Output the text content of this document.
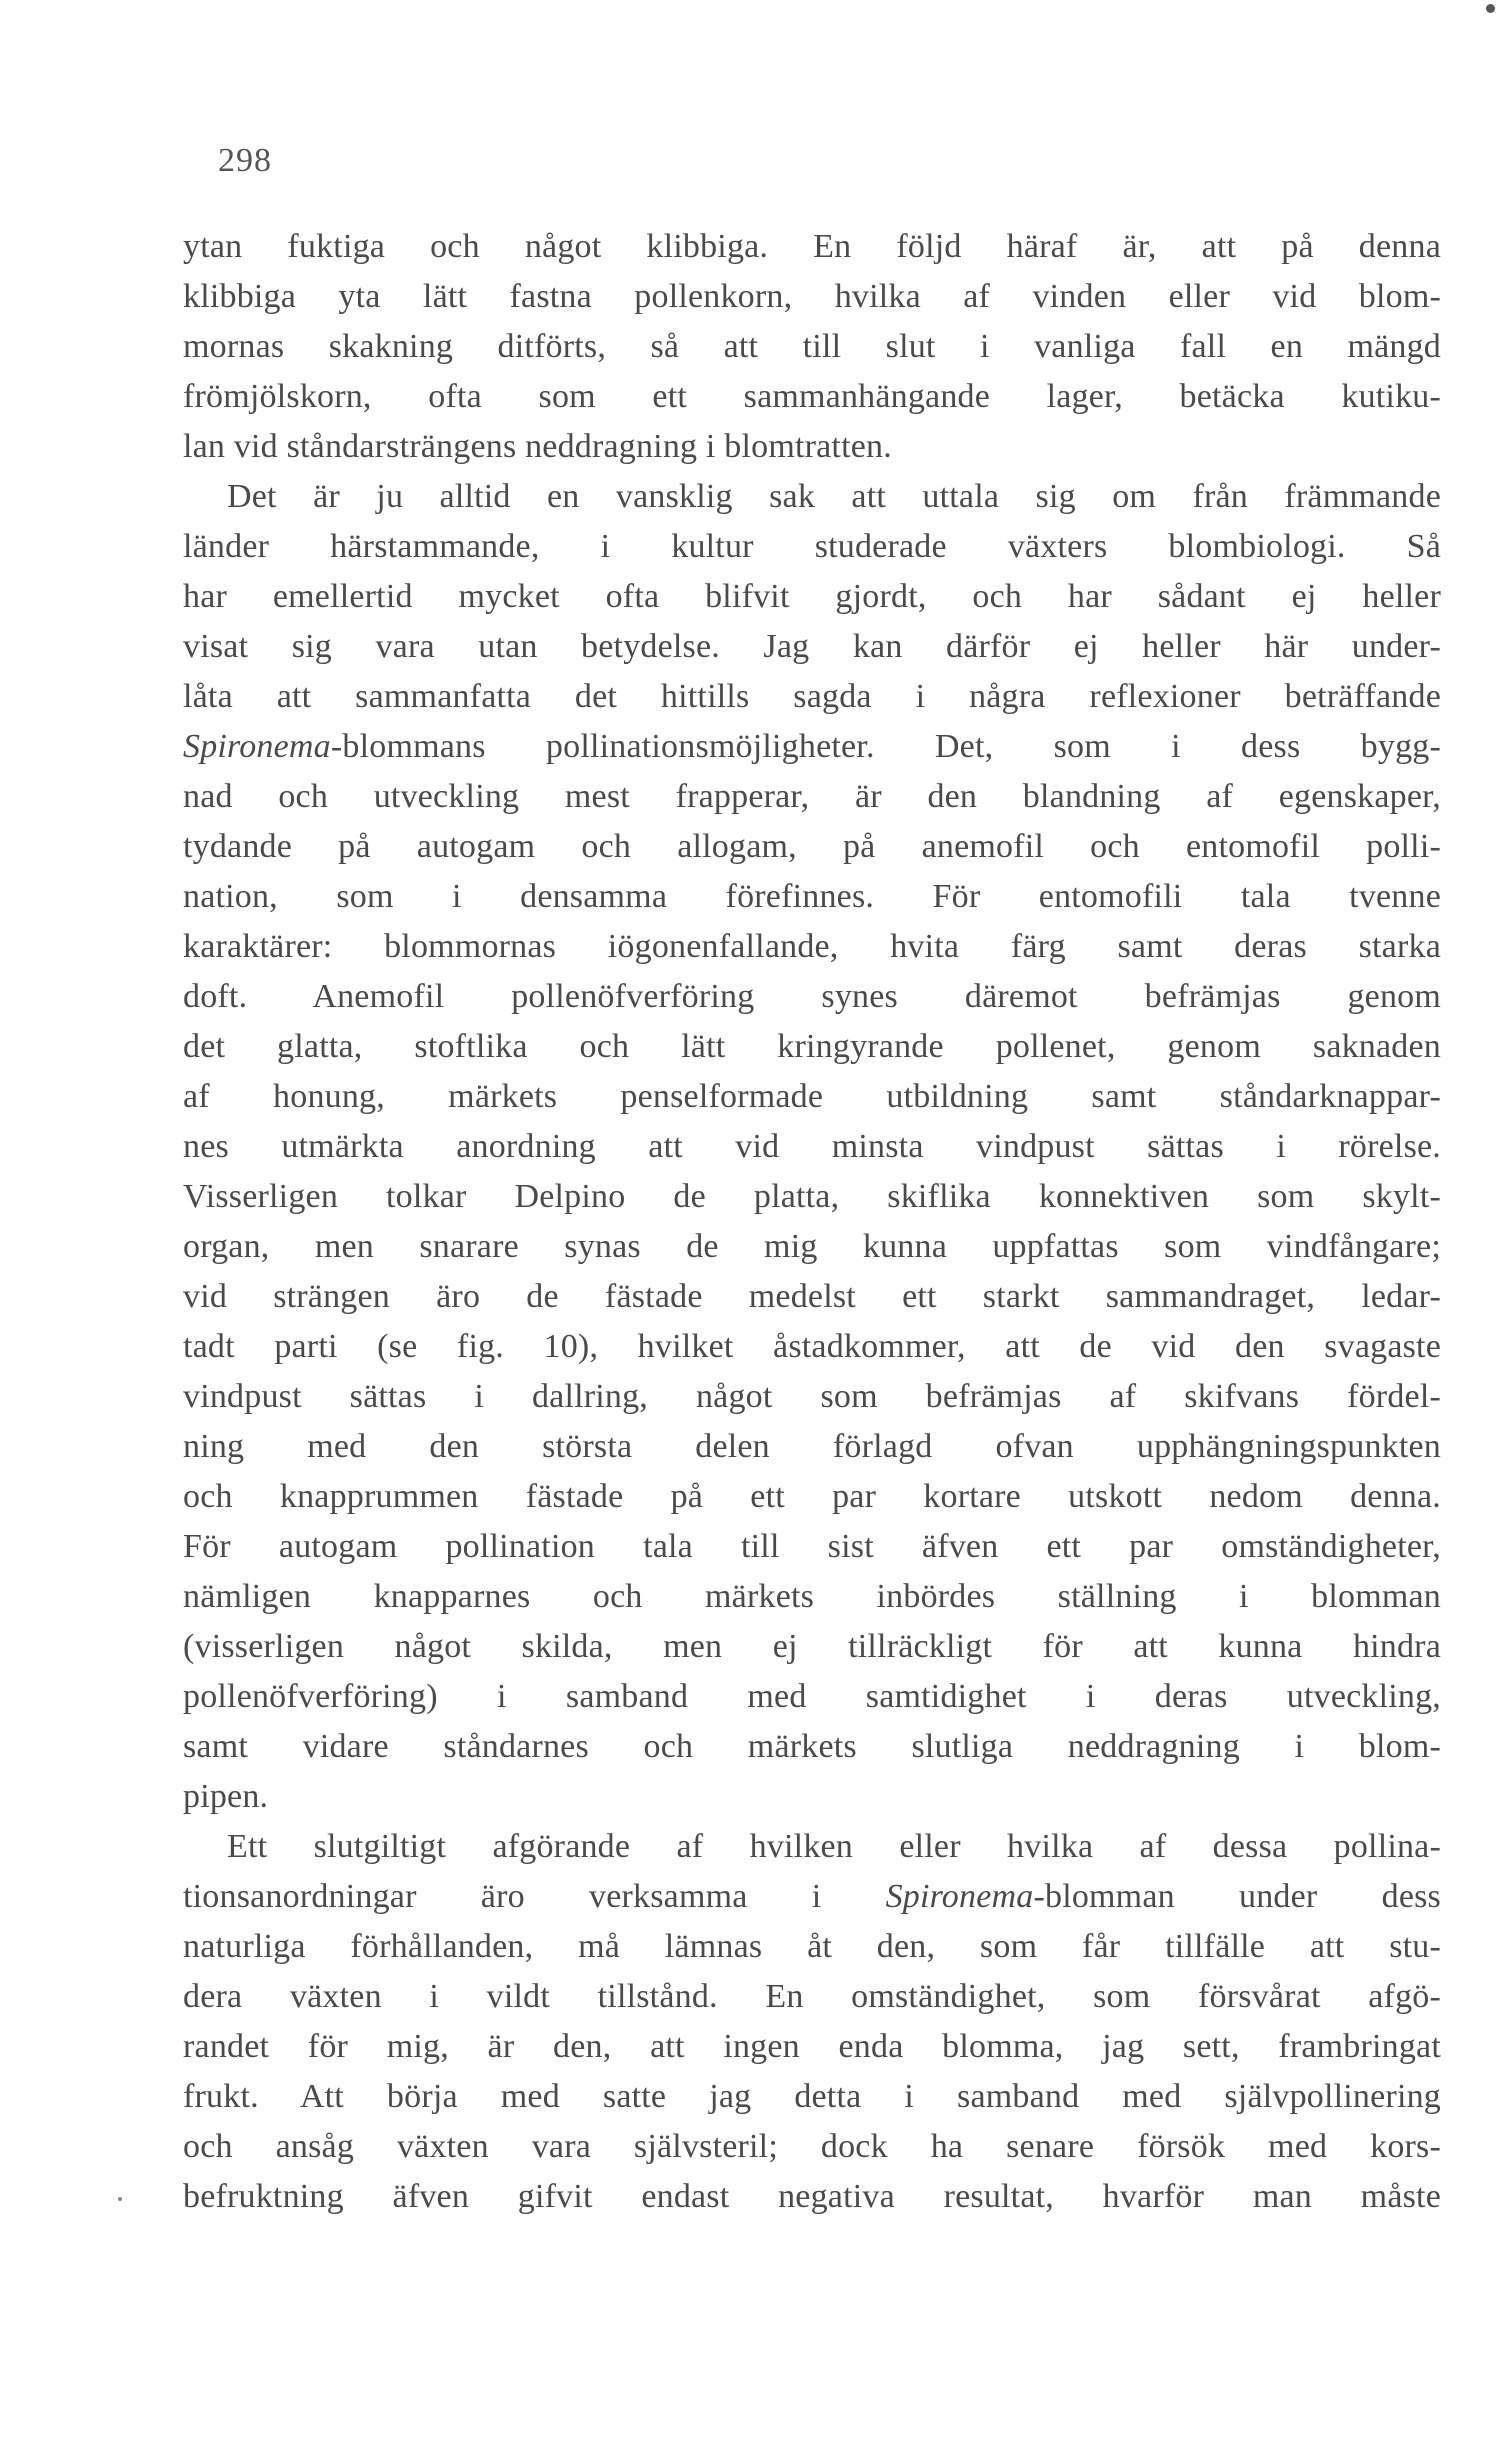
298
ytan fuktiga och något klibbiga. En följd häraf är, att på denna
klibbiga yta lätt fastna pollenkorn, hvilka af vinden eller vid blom-
mornas skakning ditförts, så att till slut i vanliga fall en mängd
frömjölskorn, ofta som ett sammanhängande lager, betäcka kutiku-
lan vid ståndarsträngens neddragning i blomtratten.
Det är ju alltid en vansklig sak att uttala sig om från främmande
länder härstammande, i kultur studerade växters blombiologi. Så
har emellertid mycket ofta blifvit gjordt, och har sådant ej heller
visat sig vara utan betydelse. Jag kan därför ej heller här under-
låta att sammanfatta det hittills sagda i några reflexioner beträffande
Spironema-blommans pollinationsmöjligheter. Det, som i dess bygg-
nad och utveckling mest frapperar, är den blandning af egenskaper,
tydande på autogam och allogam, på anemofil och entomofil polli-
nation, som i densamma förefinnes. För entomofili tala tvenne
karaktärer: blommornas iögonenfallande, hvita färg samt deras starka
doft. Anemofil pollenöfverföring synes däremot befrämjas genom
det glatta, stoftlika och lätt kringyrande pollenet, genom saknaden
af honung, märkets penselformade utbildning samt ståndarknappar-
nes utmärkta anordning att vid minsta vindpust sättas i rörelse.
Visserligen tolkar Delpino de platta, skiflika konnektiven som skylt-
organ, men snarare synas de mig kunna uppfattas som vindfångare;
vid strängen äro de fästade medelst ett starkt sammandraget, ledar-
tadt parti (se fig. 10), hvilket åstadkommer, att de vid den svagaste
vindpust sättas i dallring, något som befrämjas af skifvans fördel-
ning med den största delen förlagd ofvan upphängningspunkten
och knapprummen fästade på ett par kortare utskott nedom denna.
För autogam pollination tala till sist äfven ett par omständigheter,
nämligen knapparnes och märkets inbördes ställning i blomman
(visserligen något skilda, men ej tillräckligt för att kunna hindra
pollenöfverföring) i samband med samtidighet i deras utveckling,
samt vidare ståndarnes och märkets slutliga neddragning i blom-
pipen.
Ett slutgiltigt afgörande af hvilken eller hvilka af dessa pollina-
tionsanordningar äro verksamma i Spironema-blomman under dess
naturliga förhållanden, må lämnas åt den, som får tillfälle att stu-
dera växten i vildt tillstånd. En omständighet, som försvårat afgö-
randet för mig, är den, att ingen enda blomma, jag sett, frambringat
frukt. Att börja med satte jag detta i samband med självpollinering
och ansåg växten vara självsteril; dock ha senare försök med kors-
befruktning äfven gifvit endast negativa resultat, hvarför man måste
